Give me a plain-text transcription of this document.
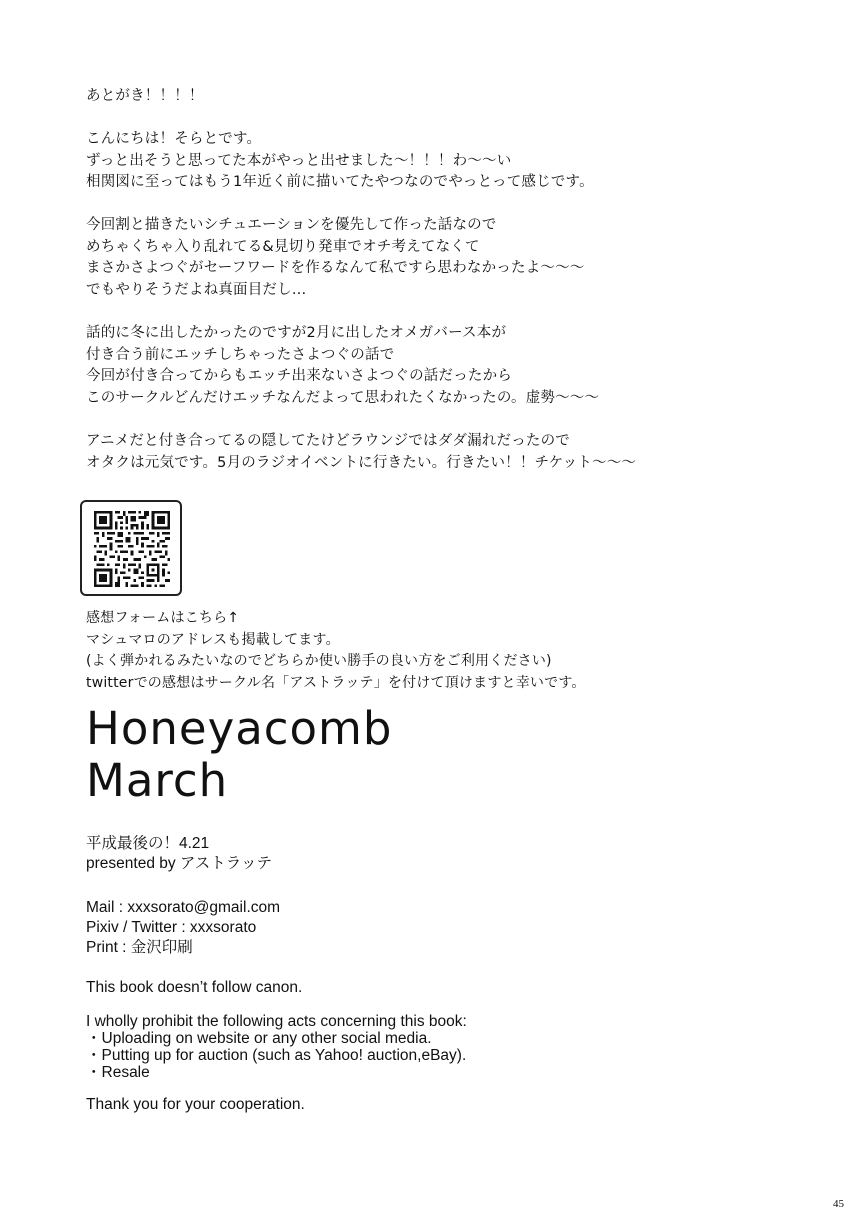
あとがき！！！！

こんにちは！そらとです。

ずっと出そうと思ってた本がやっと出せました〜！！！わ〜〜い

相関図に至ってはもう1年近く前に描いてたやつなのでやっとって感じです。

今回割と描きたいシチュエーションを優先して作った話なので

めちゃくちゃ入り乱れてる&見切り発車でオチ考えてなくて

まさかさよつぐがセーフワードを作るなんて私ですら思わなかったよ〜〜〜

でもやりそうだよね真面目だし…

話的に冬に出したかったのですが2月に出したオメガバース本が

付き合う前にエッチしちゃったさよつぐの話で

今回が付き合ってからもエッチ出来ないさよつぐの話だったから

このサークルどんだけエッチなんだよって思われたくなかったの。虚勢〜〜〜

アニメだと付き合ってるの隠してたけどラウンジではダダ漏れだったので

オタクは元気です。5月のラジオイベントに行きたい。行きたい！！チケット〜〜〜

感想フォームはこちら↑

マシュマロのアドレスも掲載してます。

(よく弾かれるみたいなのでどちらか使い勝手の良い方をご利用ください)

twitterでの感想はサークル名「アストラッテ」を付けて頂けますと幸いです。

Honeyacomb

March

平成最後の！4.21

presented by アストラッテ

Mail : xxxsorato@gmail.com

Pixiv / Twitter : xxxsorato

Print : 金沢印刷

This book doesn’t follow canon.

I wholly prohibit the following acts concerning this book:

・Uploading on website or any other social media.

・Putting up for auction (such as Yahoo! auction,eBay).

・Resale

Thank you for your cooperation.

45
